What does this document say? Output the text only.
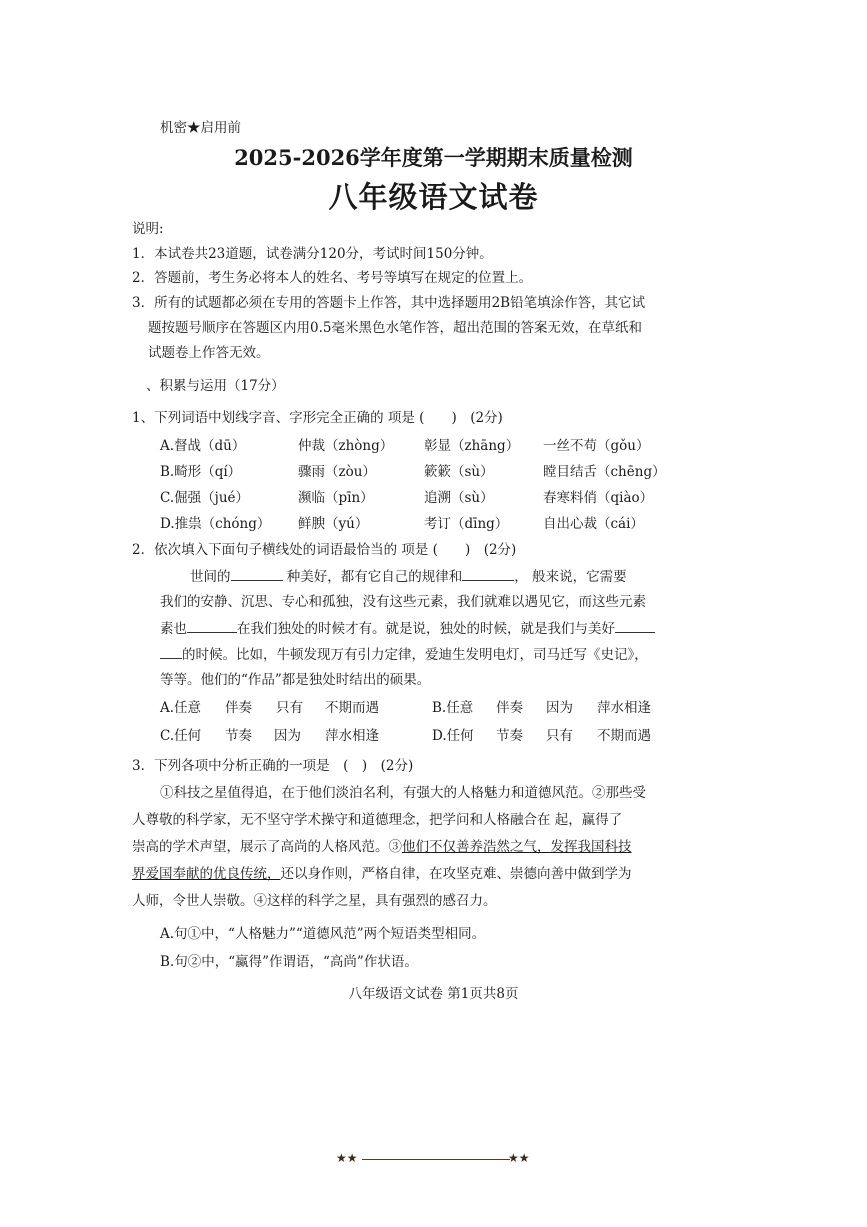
机密★启用前
2025-2026学年度第一学期期末质量检测
八年级语文试卷
说明:
1．本试卷共23道题，试卷满分120分，考试时间150分钟。
2．答题前，考生务必将本人的姓名、考号等填写在规定的位置上。
3．所有的试题都必须在专用的答题卡上作答，其中选择题用2B铅笔填涂作答，其它试
题按题号顺序在答题区内用0.5毫米黑色水笔作答，超出范围的答案无效，在草纸和
试题卷上作答无效。
、积累与运用（17分）
1、下列词语中划线字音、字形完全正确的 项是 (　　)　(2分)
A.督战（dū）	仲裁（zhòng） 彰显（zhāng） 一丝不苟（gǒu）
B.畸形（qí）	骤雨（zòu）	簌簌（sù）	瞠目结舌（chēng）
C.倔强（jué）	濒临（pīn）	追溯（sù）	春寒料俏（qiào）
D.推祟（chóng） 鲜腴（yú）	考订（dīng）	自出心裁（cái）
2．依次填入下面句子横线处的词语最恰当的 项是 (　　)　(2分)
世间的	种美好，都有它自己的规律和	， 般来说，它需要
我们的安静、沉思、专心和孤独，没有这些元素，我们就难以遇见它，而这些元素
素也	在我们独处的时候才有。就是说，独处的时候，就是我们与美好
的时候。比如，牛顿发现万有引力定律，爱迪生发明电灯，司马迁写《史记》，
等等。他们的“作品”都是独处时结出的硕果。
A.任意 伴奏 只有 不期而遇	B.任意 伴奏 因为 萍水相逢
C.任何 节奏 因为 萍水相逢	D.任何 节奏 只有 不期而遇
3．下列各项中分析正确的一项是　(　)　(2分)
①科技之星值得追，在于他们淡泊名利，有强大的人格魅力和道德风范。②那些受
人尊敬的科学家，无不坚守学术操守和道德理念，把学问和人格融合在 起，赢得了
崇高的学术声望，展示了高尚的人格风范。③他们不仅善养浩然之气，发挥我国科技
界爱国奉献的优良传统，还以身作则，严格自律，在攻坚克难、崇德向善中做到学为
人师，令世人崇敬。④这样的科学之星，具有强烈的感召力。
A.句①中，“人格魅力”“道德风范”两个短语类型相同。
B.句②中，“赢得”作谓语，“高尚”作状语。
八年级语文试卷 第1页共8页
★★	★★
